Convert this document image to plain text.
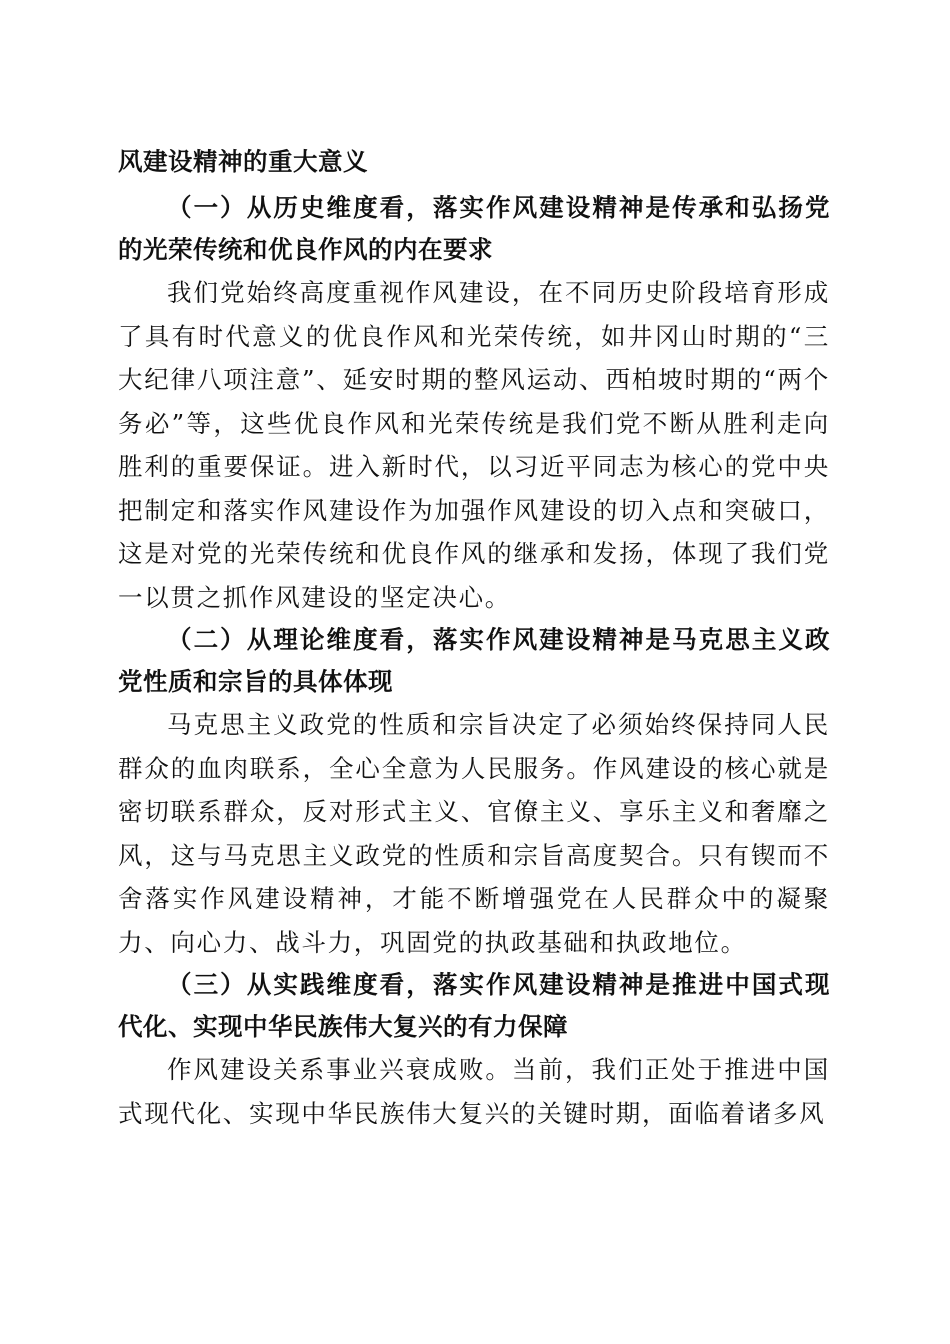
风建设精神的重大意义

（一）从历史维度看，落实作风建设精神是传承和弘扬党

的光荣传统和优良作风的内在要求

我们党始终高度重视作风建设，在不同历史阶段培育形成了具有时代意义的优良作风和光荣传统，如井冈山时期的“三大纪律八项注意”、延安时期的整风运动、西柏坡时期的“两个务必”等，这些优良作风和光荣传统是我们党不断从胜利走向胜利的重要保证。进入新时代，以习近平同志为核心的党中央把制定和落实作风建设作为加强作风建设的切入点和突破口，这是对党的光荣传统和优良作风的继承和发扬，体现了我们党一以贯之抓作风建设的坚定决心。

（二）从理论维度看，落实作风建设精神是马克思主义政

党性质和宗旨的具体体现

马克思主义政党的性质和宗旨决定了必须始终保持同人民群众的血肉联系，全心全意为人民服务。作风建设的核心就是密切联系群众，反对形式主义、官僚主义、享乐主义和奢靡之风，这与马克思主义政党的性质和宗旨高度契合。只有锲而不舍落实作风建设精神，才能不断增强党在人民群众中的凝聚力、向心力、战斗力，巩固党的执政基础和执政地位。

（三）从实践维度看，落实作风建设精神是推进中国式现

代化、实现中华民族伟大复兴的有力保障

作风建设关系事业兴衰成败。当前，我们正处于推进中国式现代化、实现中华民族伟大复兴的关键时期，面临着诸多风
